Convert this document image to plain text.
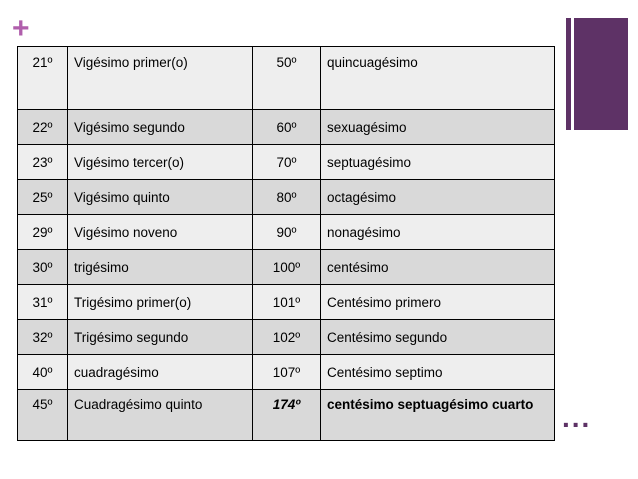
+
21º	Vigésimo primer(o)	50º	quincuagésimo
22º	Vigésimo segundo	60º	sexuagésimo
23º	Vigésimo tercer(o)	70º	septuagésimo
25º	Vigésimo quinto	80º	octagésimo
29º	Vigésimo noveno	90º	nonagésimo
30º	trigésimo	100º	centésimo
31º	Trigésimo primer(o)	101º	Centésimo primero
32º	Trigésimo segundo	102º	Centésimo segundo
40º	cuadragésimo	107º	Centésimo septimo
45º	Cuadragésimo quinto	174º	centésimo septuagésimo cuarto ...
